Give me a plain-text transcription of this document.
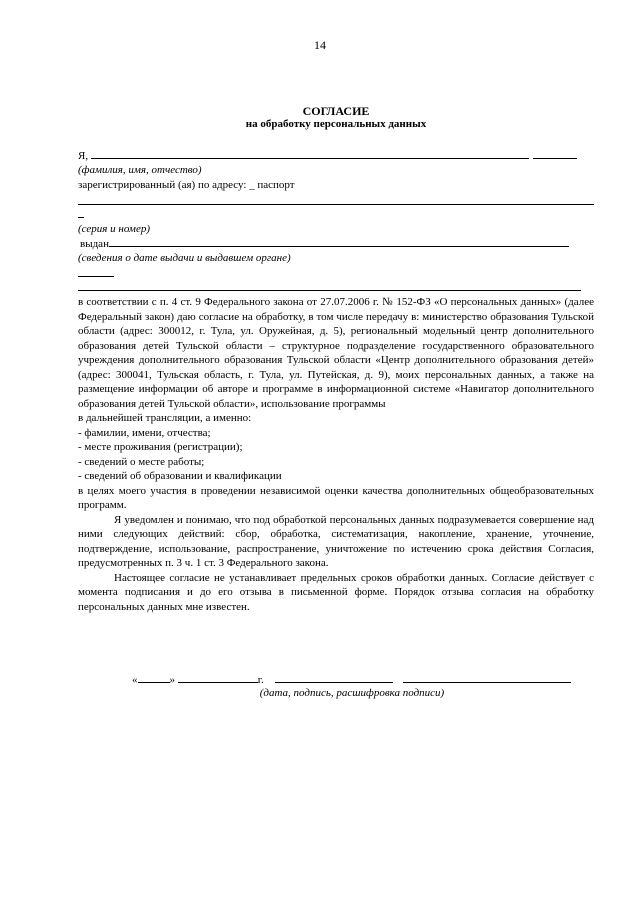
14
СОГЛАСИЕ
на обработку персональных данных
Я,
(фамилия, имя, отчество)
зарегистрированный (ая) по адресу: _ паспорт
(серия и номер)
выдан
(сведения о дате выдачи и выдавшем органе)

в соответствии с п. 4 ст. 9 Федерального закона от 27.07.2006 г. № 152-ФЗ «О персональных данных» (далее Федеральный закон) даю согласие на обработку, в том числе передачу в: министерство образования Тульской области (адрес: 300012, г. Тула, ул. Оружейная, д. 5), региональный модельный центр дополнительного образования детей Тульской области – структурное подразделение государственного образовательного учреждения дополнительного образования Тульской области «Центр дополнительного образования детей» (адрес: 300041, Тульская область, г. Тула, ул. Путейская, д. 9), моих персональных данных, а также на размещение информации об авторе и программе в информационной системе «Навигатор дополнительного образования детей Тульской области», использование программы

в дальнейшей трансляции, а именно:

- фамилии, имени, отчества;

- месте проживания (регистрации);

- сведений о месте работы;

- сведений об образовании и квалификации

в целях моего участия в проведении независимой оценки качества дополнительных общеобразовательных программ.

Я уведомлен и понимаю, что под обработкой персональных данных подразумевается совершение над ними следующих действий: сбор, обработка, систематизация, накопление, хранение, уточнение, подтверждение, использование, распространение, уничтожение по истечению срока действия Согласия, предусмотренных п. 3 ч. 1 ст. 3 Федерального закона.

Настоящее согласие не устанавливает предельных сроков обработки данных. Согласие действует с момента подписания и до его отзыва в письменной форме. Порядок отзыва согласия на обработку персональных данных мне известен.

«	»	г.
(дата, подпись, расшифровка подписи)
